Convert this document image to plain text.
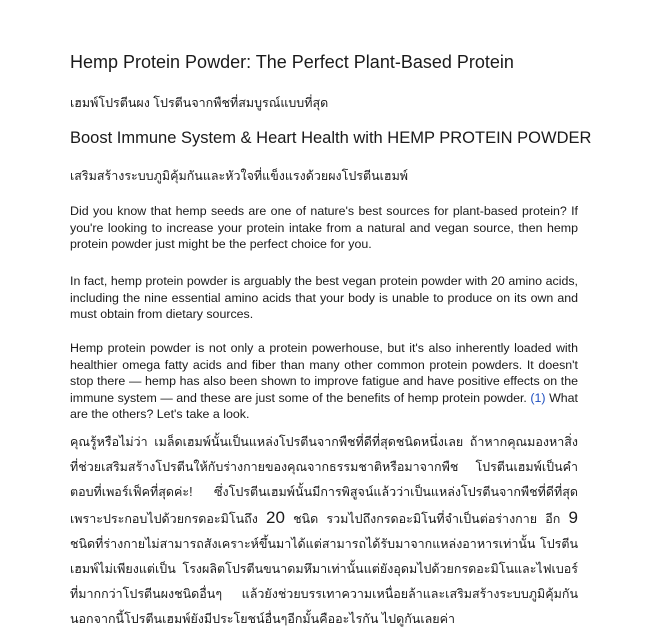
Hemp Protein Powder: The Perfect Plant-Based Protein
เฮมพ์โปรตีนผง โปรตีนจากพืชที่สมบูรณ์แบบที่สุด
Boost Immune System & Heart Health with HEMP PROTEIN POWDER
เสริมสร้างระบบภูมิคุ้มกันและหัวใจที่แข็งแรงด้วยผงโปรตีนเฮมพ์
Did you know that hemp seeds are one of nature's best sources for plant-based protein? If you're looking to increase your protein intake from a natural and vegan source, then hemp protein powder just might be the perfect choice for you.
In fact, hemp protein powder is arguably the best vegan protein powder with 20 amino acids, including the nine essential amino acids that your body is unable to produce on its own and must obtain from dietary sources.
Hemp protein powder is not only a protein powerhouse, but it's also inherently loaded with healthier omega fatty acids and fiber than many other common protein powders. It doesn't stop there — hemp has also been shown to improve fatigue and have positive effects on the immune system — and these are just some of the benefits of hemp protein powder. (1) What are the others? Let's take a look.
คุณรู้หรือไม่ว่า เมล็ดเฮมพ์นั้นเป็นแหล่งโปรตีนจากพืชที่ดีที่สุดชนิดหนึ่งเลย ถ้าหากคุณมองหาสิ่งที่ช่วยเสริมสร้างโปรตีนให้กับร่างกายของคุณจากธรรมชาติหรือมาจากพืช โปรตีนเฮมพ์เป็นคำตอบที่เพอร์เฟ็คที่สุดค่ะ! ซึ่งโปรตีนเฮมพ์นั้นมีการพิสูจน์แล้วว่าเป็นแหล่งโปรตีนจากพืชที่ดีที่สุด เพราะประกอบไปด้วยกรดอะมิโนถึง 20 ชนิด รวมไปถึงกรดอะมิโนที่จำเป็นต่อร่างกาย อีก 9 ชนิดที่ร่างกายไม่สามารถสังเคราะห์ขึ้นมาได้แต่สามารถได้รับมาจากแหล่งอาหารเท่านั้น โปรตีนเฮมพ์ไม่เพียงแต่เป็น โรงผลิตโปรตีนขนาดมหึมาเท่านั้นแต่ยังอุดมไปด้วยกรดอะมิโนและไฟเบอร์ที่มากกว่าโปรตีนผงชนิดอื่นๆ แล้วยังช่วยบรรเทาความเหนื่อยล้าและเสริมสร้างระบบภูมิคุ้มกัน นอกจากนี้โปรตีนเฮมพ์ยังมีประโยชน์อื่นๆอีกมั้นคืออะไรกัน ไปดูกันเลยค่า
